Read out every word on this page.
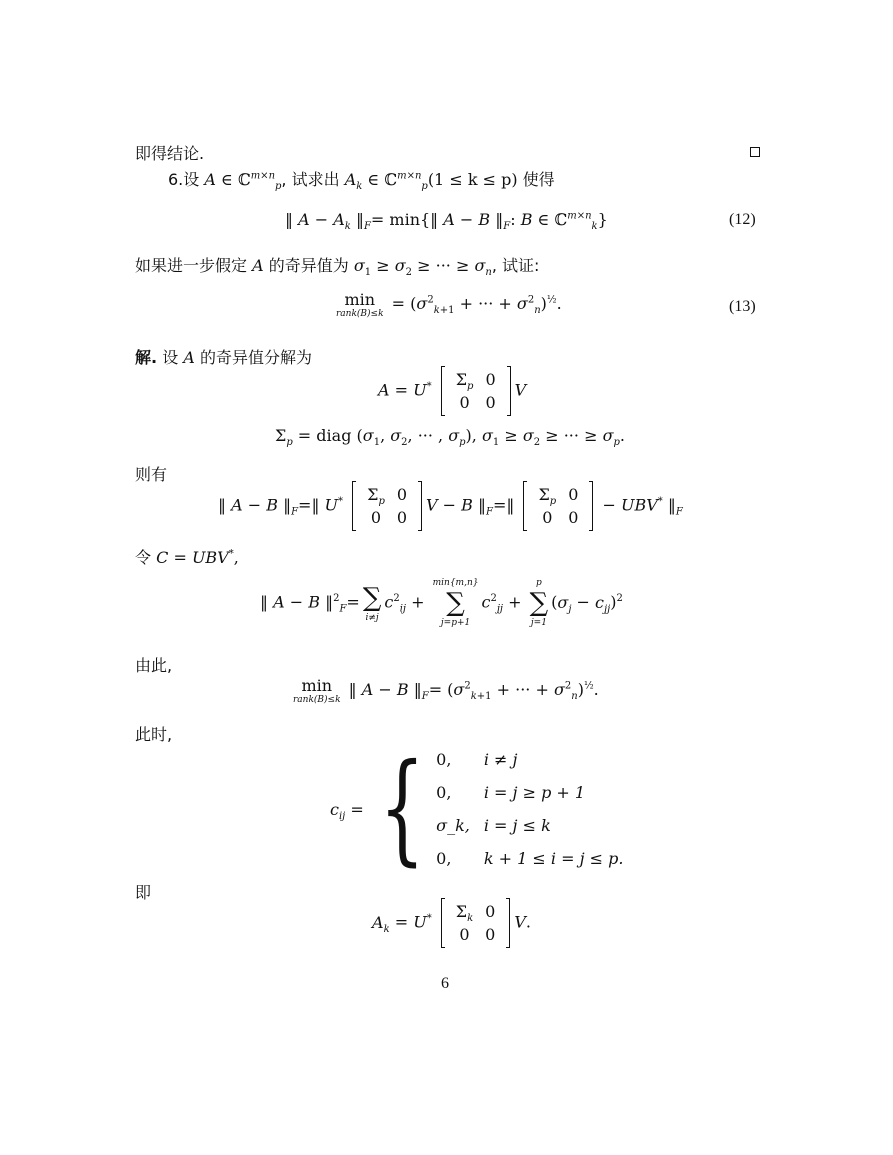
即得结论.
6.设 A ∈ ℂ$^{m\times n}_p$, 试求出 $A_k$ ∈ ℂ$^{m\times n}_p$(1 ≤ k ≤ p) 使得
‖ $A - A_k$ $‖_F=$ min{‖ A − B $‖_F$: B ∈ ℂ$^{m\times n}_k$}	(12)
如果进一步假定 A 的奇异值为 $\sigma_1 \ge \sigma_2$ ≥ ··· ≥ $\sigma_n$, 试证:
min
rank(B)≤k
= ($\sigma^2_{k+1}$ + ··· + $\sigma^2_n)^{\frac{1}{2}}$.	(13)
解. 设 A 的奇异值分解为
A = U* $\Sigma_p$	0
0	0
V
$\Sigma_p$ = diag ($\sigma_1$, $\sigma_2$, ··· , $\sigma_p$), $\sigma_1 \ge \sigma_2$ ≥ ··· ≥ $\sigma_p$.
则有
‖ A − B $‖_F=‖$ U* $\Sigma_p$	0
0	0
V − B $‖_F=‖$
$\Sigma_p$	0
0	0
− UBV* $‖_F$
令 C = UBV*,
‖ A − B ‖$^2_F$= ∑
i≠j
$c^2_{ij}$ +
min{m,n}
∑
j=p+1
$c^2_{jj}$ +
p
∑
j=1
$(\sigma_j - c_{jj})^2$
由此,
min
rank(B)≤k
‖ A − B $‖_F= (\sigma^2_{k+1}$ + ··· + $\sigma^2_n)^{\frac{1}{2}}$.
此时,
$c_{ij}$ = { 0,	i ≠ j
0,	i = j ≥ p + 1
σ_k,	i = j ≤ k
0,	k + 1 ≤ i = j ≤ p.
即
$A_k = U^*$ $\Sigma_k$	0
0	0
V.
6
